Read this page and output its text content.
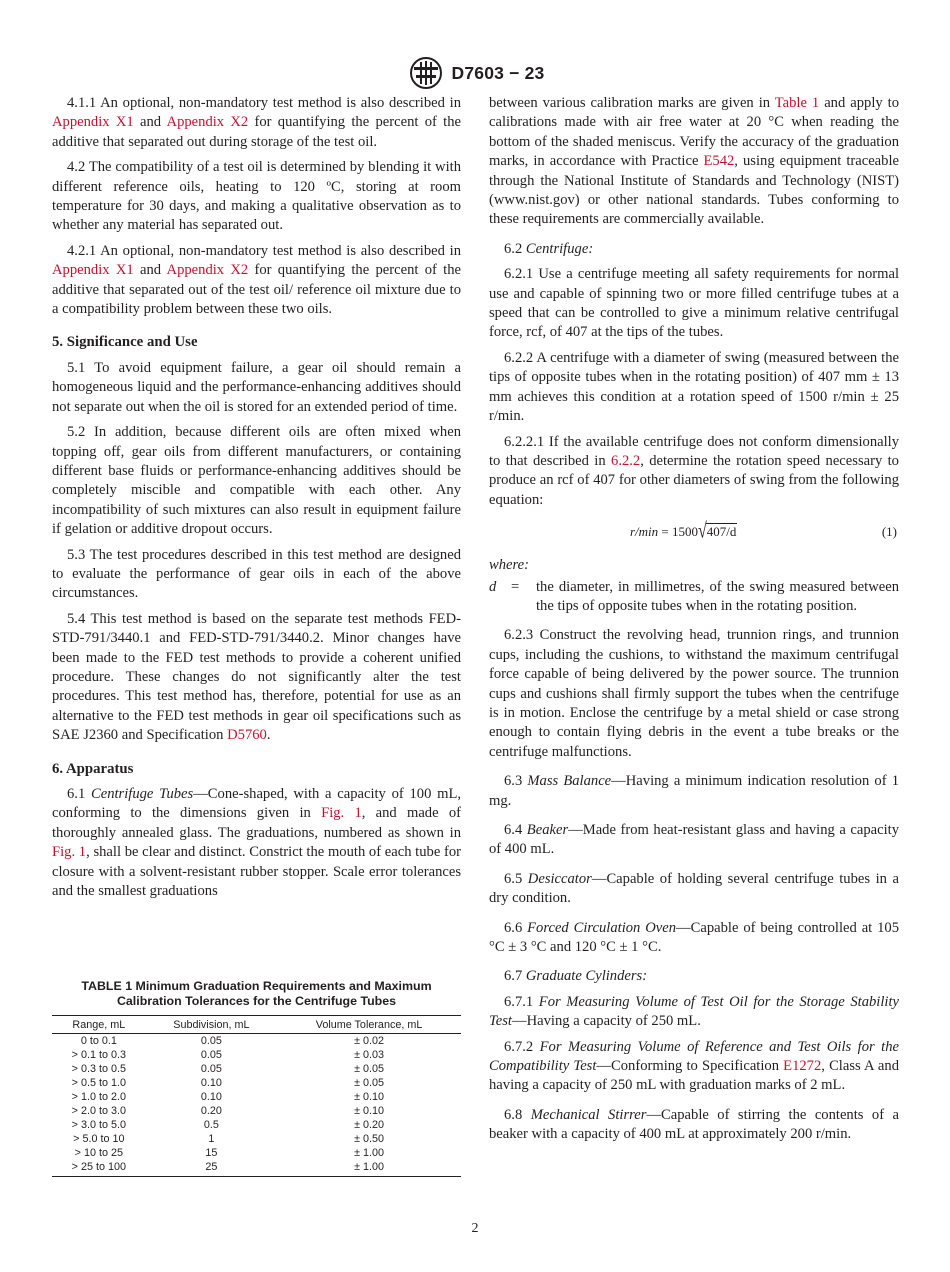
D7603 − 23

4.1.1 An optional, non-mandatory test method is also described in Appendix X1 and Appendix X2 for quantifying the percent of the additive that separated out during storage of the test oil.

4.2 The compatibility of a test oil is determined by blending it with different reference oils, heating to 120 ºC, storing at room temperature for 30 days, and making a qualitative observation as to whether any material has separated out.

4.2.1 An optional, non-mandatory test method is also described in Appendix X1 and Appendix X2 for quantifying the percent of the additive that separated out of the test oil/ reference oil mixture due to a compatibility problem between these two oils.

5. Significance and Use

5.1 To avoid equipment failure, a gear oil should remain a homogeneous liquid and the performance-enhancing additives should not separate out when the oil is stored for an extended period of time.

5.2 In addition, because different oils are often mixed when topping off, gear oils from different manufacturers, or containing different base fluids or performance-enhancing additives should be completely miscible and compatible with each other. Any incompatibility of such mixtures can also result in equipment failure if gelation or additive dropout occurs.

5.3 The test procedures described in this test method are designed to evaluate the performance of gear oils in each of the above circumstances.

5.4 This test method is based on the separate test methods FED-STD-791/3440.1 and FED-STD-791/3440.2. Minor changes have been made to the FED test methods to provide a coherent unified procedure. These changes do not significantly alter the test procedures. This test method has, therefore, potential for use as an alternative to the FED test methods in gear oil specifications such as SAE J2360 and Specification D5760.

6. Apparatus

6.1 Centrifuge Tubes—Cone-shaped, with a capacity of 100 mL, conforming to the dimensions given in Fig. 1, and made of thoroughly annealed glass. The graduations, numbered as shown in Fig. 1, shall be clear and distinct. Constrict the mouth of each tube for closure with a solvent-resistant rubber stopper. Scale error tolerances and the smallest graduations

TABLE 1 Minimum Graduation Requirements and Maximum
Calibration Tolerances for the Centrifuge Tubes
Range, mL	Subdivision, mL	Volume Tolerance, mL
0 to 0.1	0.05	± 0.02
> 0.1 to 0.3	0.05	± 0.03
> 0.3 to 0.5	0.05	± 0.05
> 0.5 to 1.0	0.10	± 0.05
> 1.0 to 2.0	0.10	± 0.10
> 2.0 to 3.0	0.20	± 0.10
> 3.0 to 5.0	0.5	± 0.20
> 5.0 to 10	1	± 0.50
> 10 to 25	15	± 1.00
> 25 to 100	25	± 1.00

between various calibration marks are given in Table 1 and apply to calibrations made with air free water at 20 °C when reading the bottom of the shaded meniscus. Verify the accuracy of the graduation marks, in accordance with Practice E542, using equipment traceable through the National Institute of Standards and Technology (NIST) (www.nist.gov) or other national standards. Tubes conforming to these requirements are commercially available.

6.2 Centrifuge:

6.2.1 Use a centrifuge meeting all safety requirements for normal use and capable of spinning two or more filled centrifuge tubes at a speed that can be controlled to give a minimum relative centrifugal force, rcf, of 407 at the tips of the tubes.

6.2.2 A centrifuge with a diameter of swing (measured between the tips of opposite tubes when in the rotating position) of 407 mm ± 13 mm achieves this condition at a rotation speed of 1500 r/min ± 25 r/min.

6.2.2.1 If the available centrifuge does not conform dimensionally to that described in 6.2.2, determine the rotation speed necessary to produce an rcf of 407 for other diameters of swing from the following equation:

r/min = 1500√407/d	(1)
where:
d	=	the diameter, in millimetres, of the swing measured between the tips of opposite tubes when in the rotating position.

6.2.3 Construct the revolving head, trunnion rings, and trunnion cups, including the cushions, to withstand the maximum centrifugal force capable of being delivered by the power source. The trunnion cups and cushions shall firmly support the tubes when the centrifuge is in motion. Enclose the centrifuge by a metal shield or case strong enough to contain flying debris in the event a tube breaks or the centrifuge malfunctions.

6.3 Mass Balance—Having a minimum indication resolution of 1 mg.

6.4 Beaker—Made from heat-resistant glass and having a capacity of 400 mL.

6.5 Desiccator—Capable of holding several centrifuge tubes in a dry condition.

6.6 Forced Circulation Oven—Capable of being controlled at 105 °C ± 3 °C and 120 °C ± 1 °C.

6.7 Graduate Cylinders:

6.7.1 For Measuring Volume of Test Oil for the Storage Stability Test—Having a capacity of 250 mL.

6.7.2 For Measuring Volume of Reference and Test Oils for the Compatibility Test—Conforming to Specification E1272, Class A and having a capacity of 250 mL with graduation marks of 2 mL.

6.8 Mechanical Stirrer—Capable of stirring the contents of a beaker with a capacity of 400 mL at approximately 200 r/min.

2
